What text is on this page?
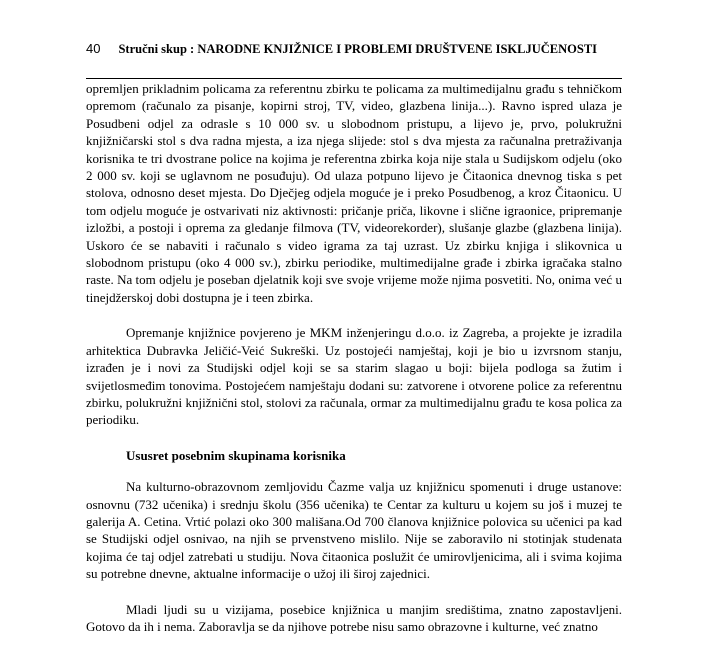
40 Stručni skup : NARODNE KNJIŽNICE I PROBLEMI DRUŠTVENE ISKLJUČENOSTI

opremljen prikladnim policama za referentnu zbirku te policama za multimedijalnu građu s tehničkom opremom (računalo za pisanje, kopirni stroj, TV, video, glazbena linija...). Ravno ispred ulaza je Posudbeni odjel za odrasle s 10 000 sv. u slobodnom pristupu, a lijevo je, prvo, polukružni knjižničarski stol s dva radna mjesta, a iza njega slijede: stol s dva mjesta za računalna pretraživanja korisnika te tri dvostrane police na kojima je referentna zbirka koja nije stala u Sudijskom odjelu (oko 2 000 sv. koji se uglavnom ne posuđuju). Od ulaza potpuno lijevo je Čitaonica dnevnog tiska s pet stolova, odnosno deset mjesta. Do Dječjeg odjela moguće je i preko Posudbenog, a kroz Čitaonicu. U tom odjelu moguće je ostvarivati niz aktivnosti: pričanje priča, likovne i slične igraonice, pripremanje izložbi, a postoji i oprema za gledanje filmova (TV, videorekorder), slušanje glazbe (glazbena linija). Uskoro će se nabaviti i računalo s video igrama za taj uzrast. Uz zbirku knjiga i slikovnica u slobodnom pristupu (oko 4 000 sv.), zbirku periodike, multimedijalne građe i zbirka igračaka stalno raste. Na tom odjelu je poseban djelatnik koji sve svoje vrijeme može njima posvetiti. No, onima već u tinejdžerskoj dobi dostupna je i teen zbirka.

Opremanje knjižnice povjereno je MKM inženjeringu d.o.o. iz Zagreba, a projekte je izradila arhitektica Dubravka Jeličić-Veić Sukreški. Uz postojeći namještaj, koji je bio u izvrsnom stanju, izrađen je i novi za Studijski odjel koji se sa starim slagao u boji: bijela podloga sa žutim i svijetlosmeđim tonovima. Postojećem namještaju dodani su: zatvorene i otvorene police za referentnu zbirku, polukružni knjižnični stol, stolovi za računala, ormar za multimedijalnu građu te kosa polica za periodiku.

Ususret posebnim skupinama korisnika

Na kulturno-obrazovnom zemljovidu Čazme valja uz knjižnicu spomenuti i druge ustanove: osnovnu (732 učenika) i srednju školu (356 učenika) te Centar za kulturu u kojem su još i muzej te galerija A. Cetina. Vrtić polazi oko 300 mališana.Od 700 članova knjižnice polovica su učenici pa kad se Studijski odjel osnivao, na njih se prvenstveno mislilo. Nije se zaboravilo ni stotinjak studenata kojima će taj odjel zatrebati u studiju. Nova čitaonica poslužit će umirovljenicima, ali i svima kojima su potrebne dnevne, aktualne informacije o užoj ili široj zajednici.

Mladi ljudi su u vizijama, posebice knjižnica u manjim središtima, znatno zapostavljeni. Gotovo da ih i nema. Zaboravlja se da njihove potrebe nisu samo obrazovne i kulturne, već znatno
